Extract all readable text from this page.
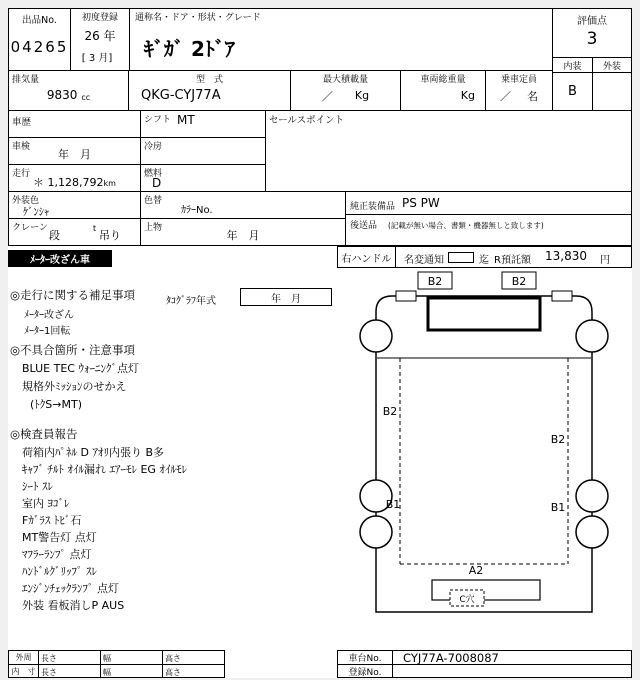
出品No.
04265
初度登録
26 年
[ 3 月]
通称名・ドア・形状・グレード
ｷﾞｶﾞ 2ﾄﾞｱ
評価点
3
内装	外装
B
排気量
9830 cc
型　式
QKG-CYJ77A
最大積載量
／ Kg
車両総重量
Kg
乗車定員
／ 名
車歴	シフト MT	セールスポイント
車検
年　月
冷房
走行
＊ 1,128,792 km
燃料
D
外装色
ｹﾞﾝｼｬ
色替
ｶﾗｰNo.	純正装備品 PS PW
後送品 (記載が無い場合、書類・機器無しと致します)
クレーン
段
t
吊り
上物
年　月
ﾒｰﾀｰ改ざん車	右ハンドル	名変通知	迄 R預託額 13,830 円
ﾀｺｸﾞﾗﾌ年式	年　月
◎走行に関する補足事項
ﾒｰﾀｰ改ざん
ﾒｰﾀｰ1回転
◎不具合箇所・注意事項
BLUE TEC ｳｫｰﾆﾝｸﾞ点灯
規格外ﾐｯｼｮﾝのせかえ
(ﾄｸS→MT)
◎検査員報告
荷箱内ﾊﾟﾈﾙ D ｱｵﾘ内張り B多
ｷｬﾌﾞ ﾁﾙﾄ ｵｲﾙ漏れ ｴｱｰﾓﾚ EG ｵｲﾙﾓﾚ
ｼｰﾄ ｽﾚ
室内 ﾖｺﾞﾚ
Fｶﾞﾗｽ ﾄﾋﾞ石
MT警告灯 点灯
ﾏﾌﾗｰﾗﾝﾌﾟ 点灯
ﾊﾝﾄﾞﾙｸﾞﾘｯﾌﾟ ｽﾚ
ｴﾝｼﾞﾝﾁｪｯｸﾗﾝﾌﾟ 点灯
外装 看板消しP AUS
B2	B2
C穴
B2
B2
B1	B1
A2
外周	長さ	幅	高さ
内　寸 長さ	幅	高さ
車台No.	CYJ77A-7008087
登録No.
